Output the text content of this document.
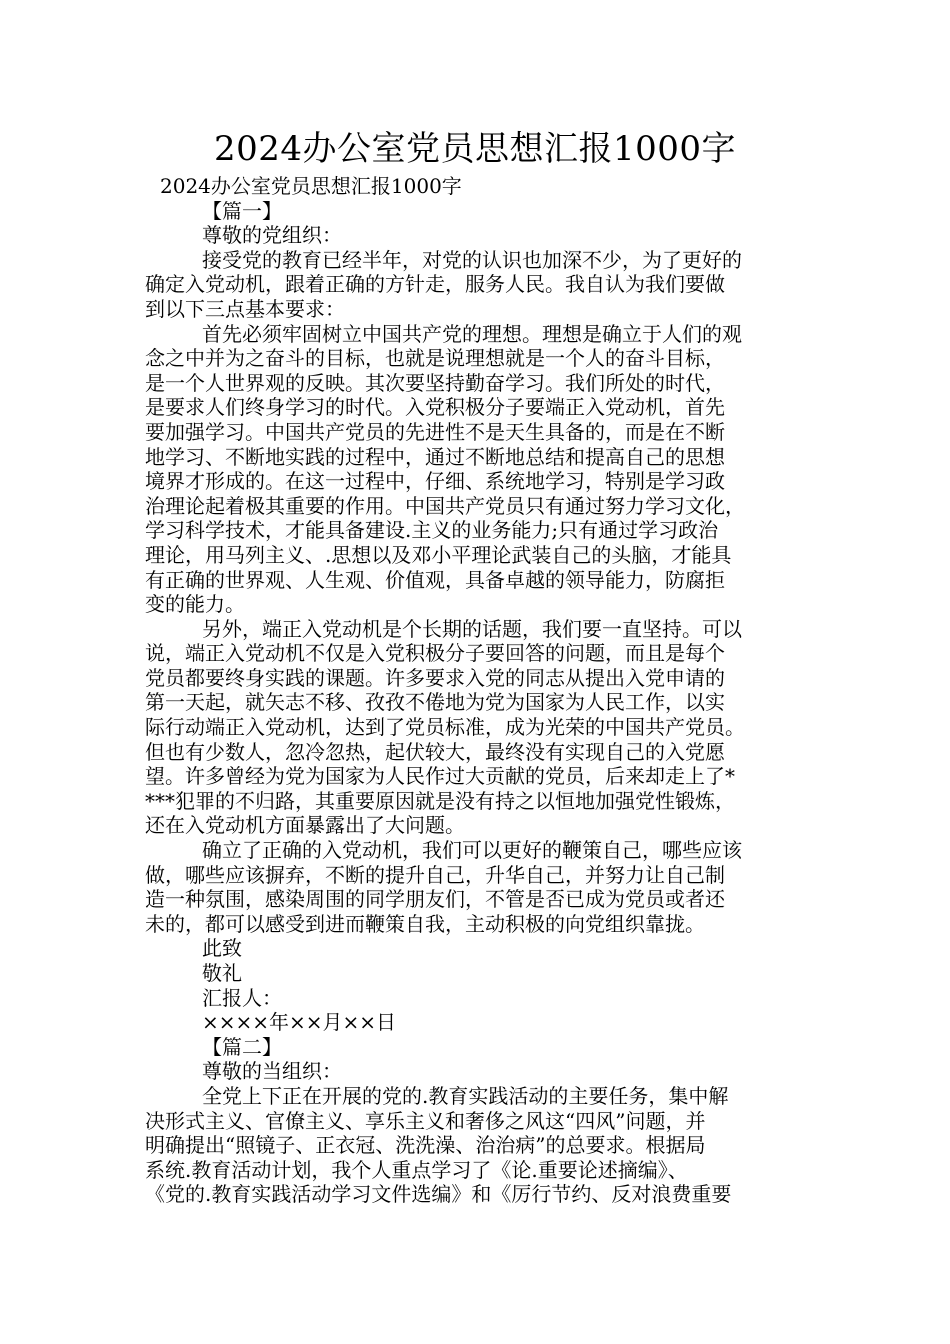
2024办公室党员思想汇报1000字
2024办公室党员思想汇报1000字
【篇一】
尊敬的党组织：
接受党的教育已经半年，对党的认识也加深不少，为了更好的
确定入党动机，跟着正确的方针走，服务人民。我自认为我们要做
到以下三点基本要求：
首先必须牢固树立中国共产党的理想。理想是确立于人们的观
念之中并为之奋斗的目标，也就是说理想就是一个人的奋斗目标，
是一个人世界观的反映。其次要坚持勤奋学习。我们所处的时代，
是要求人们终身学习的时代。入党积极分子要端正入党动机，首先
要加强学习。中国共产党员的先进性不是天生具备的，而是在不断
地学习、不断地实践的过程中，通过不断地总结和提高自己的思想
境界才形成的。在这一过程中，仔细、系统地学习，特别是学习政
治理论起着极其重要的作用。中国共产党员只有通过努力学习文化，
学习科学技术，才能具备建设.主义的业务能力;只有通过学习政治
理论，用马列主义、.思想以及邓小平理论武装自己的头脑，才能具
有正确的世界观、人生观、价值观，具备卓越的领导能力，防腐拒
变的能力。
另外，端正入党动机是个长期的话题，我们要一直坚持。可以
说，端正入党动机不仅是入党积极分子要回答的问题，而且是每个
党员都要终身实践的课题。许多要求入党的同志从提出入党申请的
第一天起，就矢志不移、孜孜不倦地为党为国家为人民工作，以实
际行动端正入党动机，达到了党员标准，成为光荣的中国共产党员。
但也有少数人，忽冷忽热，起伏较大，最终没有实现自己的入党愿
望。许多曾经为党为国家为人民作过大贡献的党员，后来却走上了*
***犯罪的不归路，其重要原因就是没有持之以恒地加强党性锻炼，
还在入党动机方面暴露出了大问题。
确立了正确的入党动机，我们可以更好的鞭策自己，哪些应该
做，哪些应该摒弃，不断的提升自己，升华自己，并努力让自己制
造一种氛围，感染周围的同学朋友们，不管是否已成为党员或者还
未的，都可以感受到进而鞭策自我，主动积极的向党组织靠拢。
此致
敬礼
汇报人：
××××年××月××日
【篇二】
尊敬的当组织：
全党上下正在开展的党的.教育实践活动的主要任务，集中解
决形式主义、官僚主义、享乐主义和奢侈之风这“四风”问题，并
明确提出“照镜子、正衣冠、洗洗澡、治治病”的总要求。根据局
系统.教育活动计划，我个人重点学习了《论.重要论述摘编》、
《党的.教育实践活动学习文件选编》和《厉行节约、反对浪费重要
